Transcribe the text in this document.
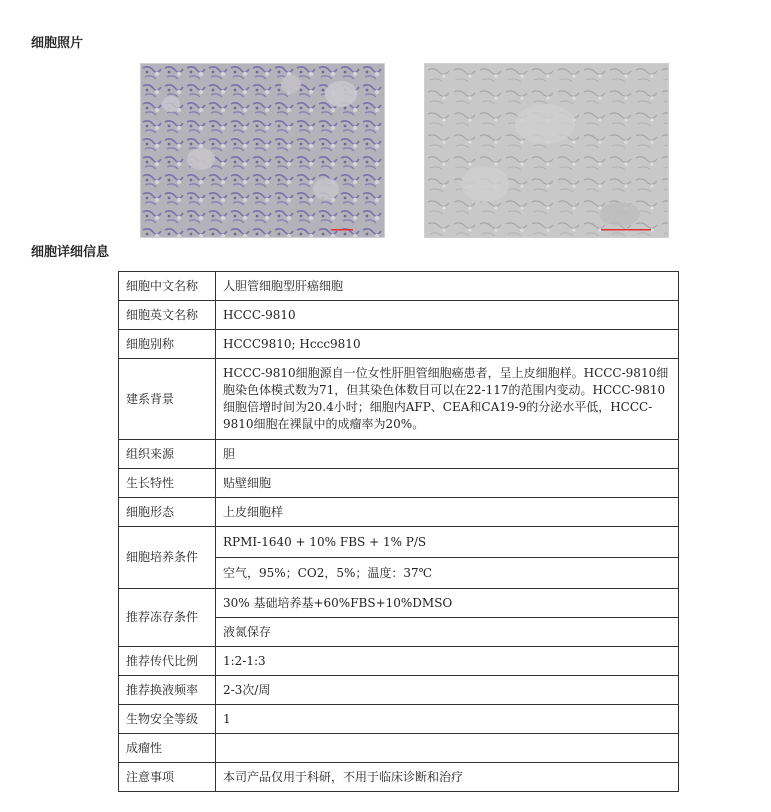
细胞照片
细胞详细信息
细胞中文名称	人胆管细胞型肝癌细胞
细胞英文名称	HCCC-9810
细胞别称	HCCC9810; Hccc9810
建系背景	HCCC-9810细胞源自一位女性肝胆管细胞癌患者，呈上皮细胞样。HCCC-9810细胞染色体模式数为71，但其染色体数目可以在22-117的范围内变动。HCCC-9810细胞倍增时间为20.4小时；细胞内AFP、CEA和CA19-9的分泌水平低，HCCC-9810细胞在裸鼠中的成瘤率为20%。
组织来源	胆
生长特性	贴壁细胞
细胞形态	上皮细胞样
细胞培养条件	RPMI-1640 + 10% FBS + 1% P/S
	空气，95%；CO2，5%；温度：37℃
推荐冻存条件	30% 基础培养基+60%FBS+10%DMSO
	液氮保存
推荐传代比例	1:2-1:3
推荐换液频率	2-3次/周
生物安全等级	1
成瘤性	
注意事项	本司产品仅用于科研，不用于临床诊断和治疗
